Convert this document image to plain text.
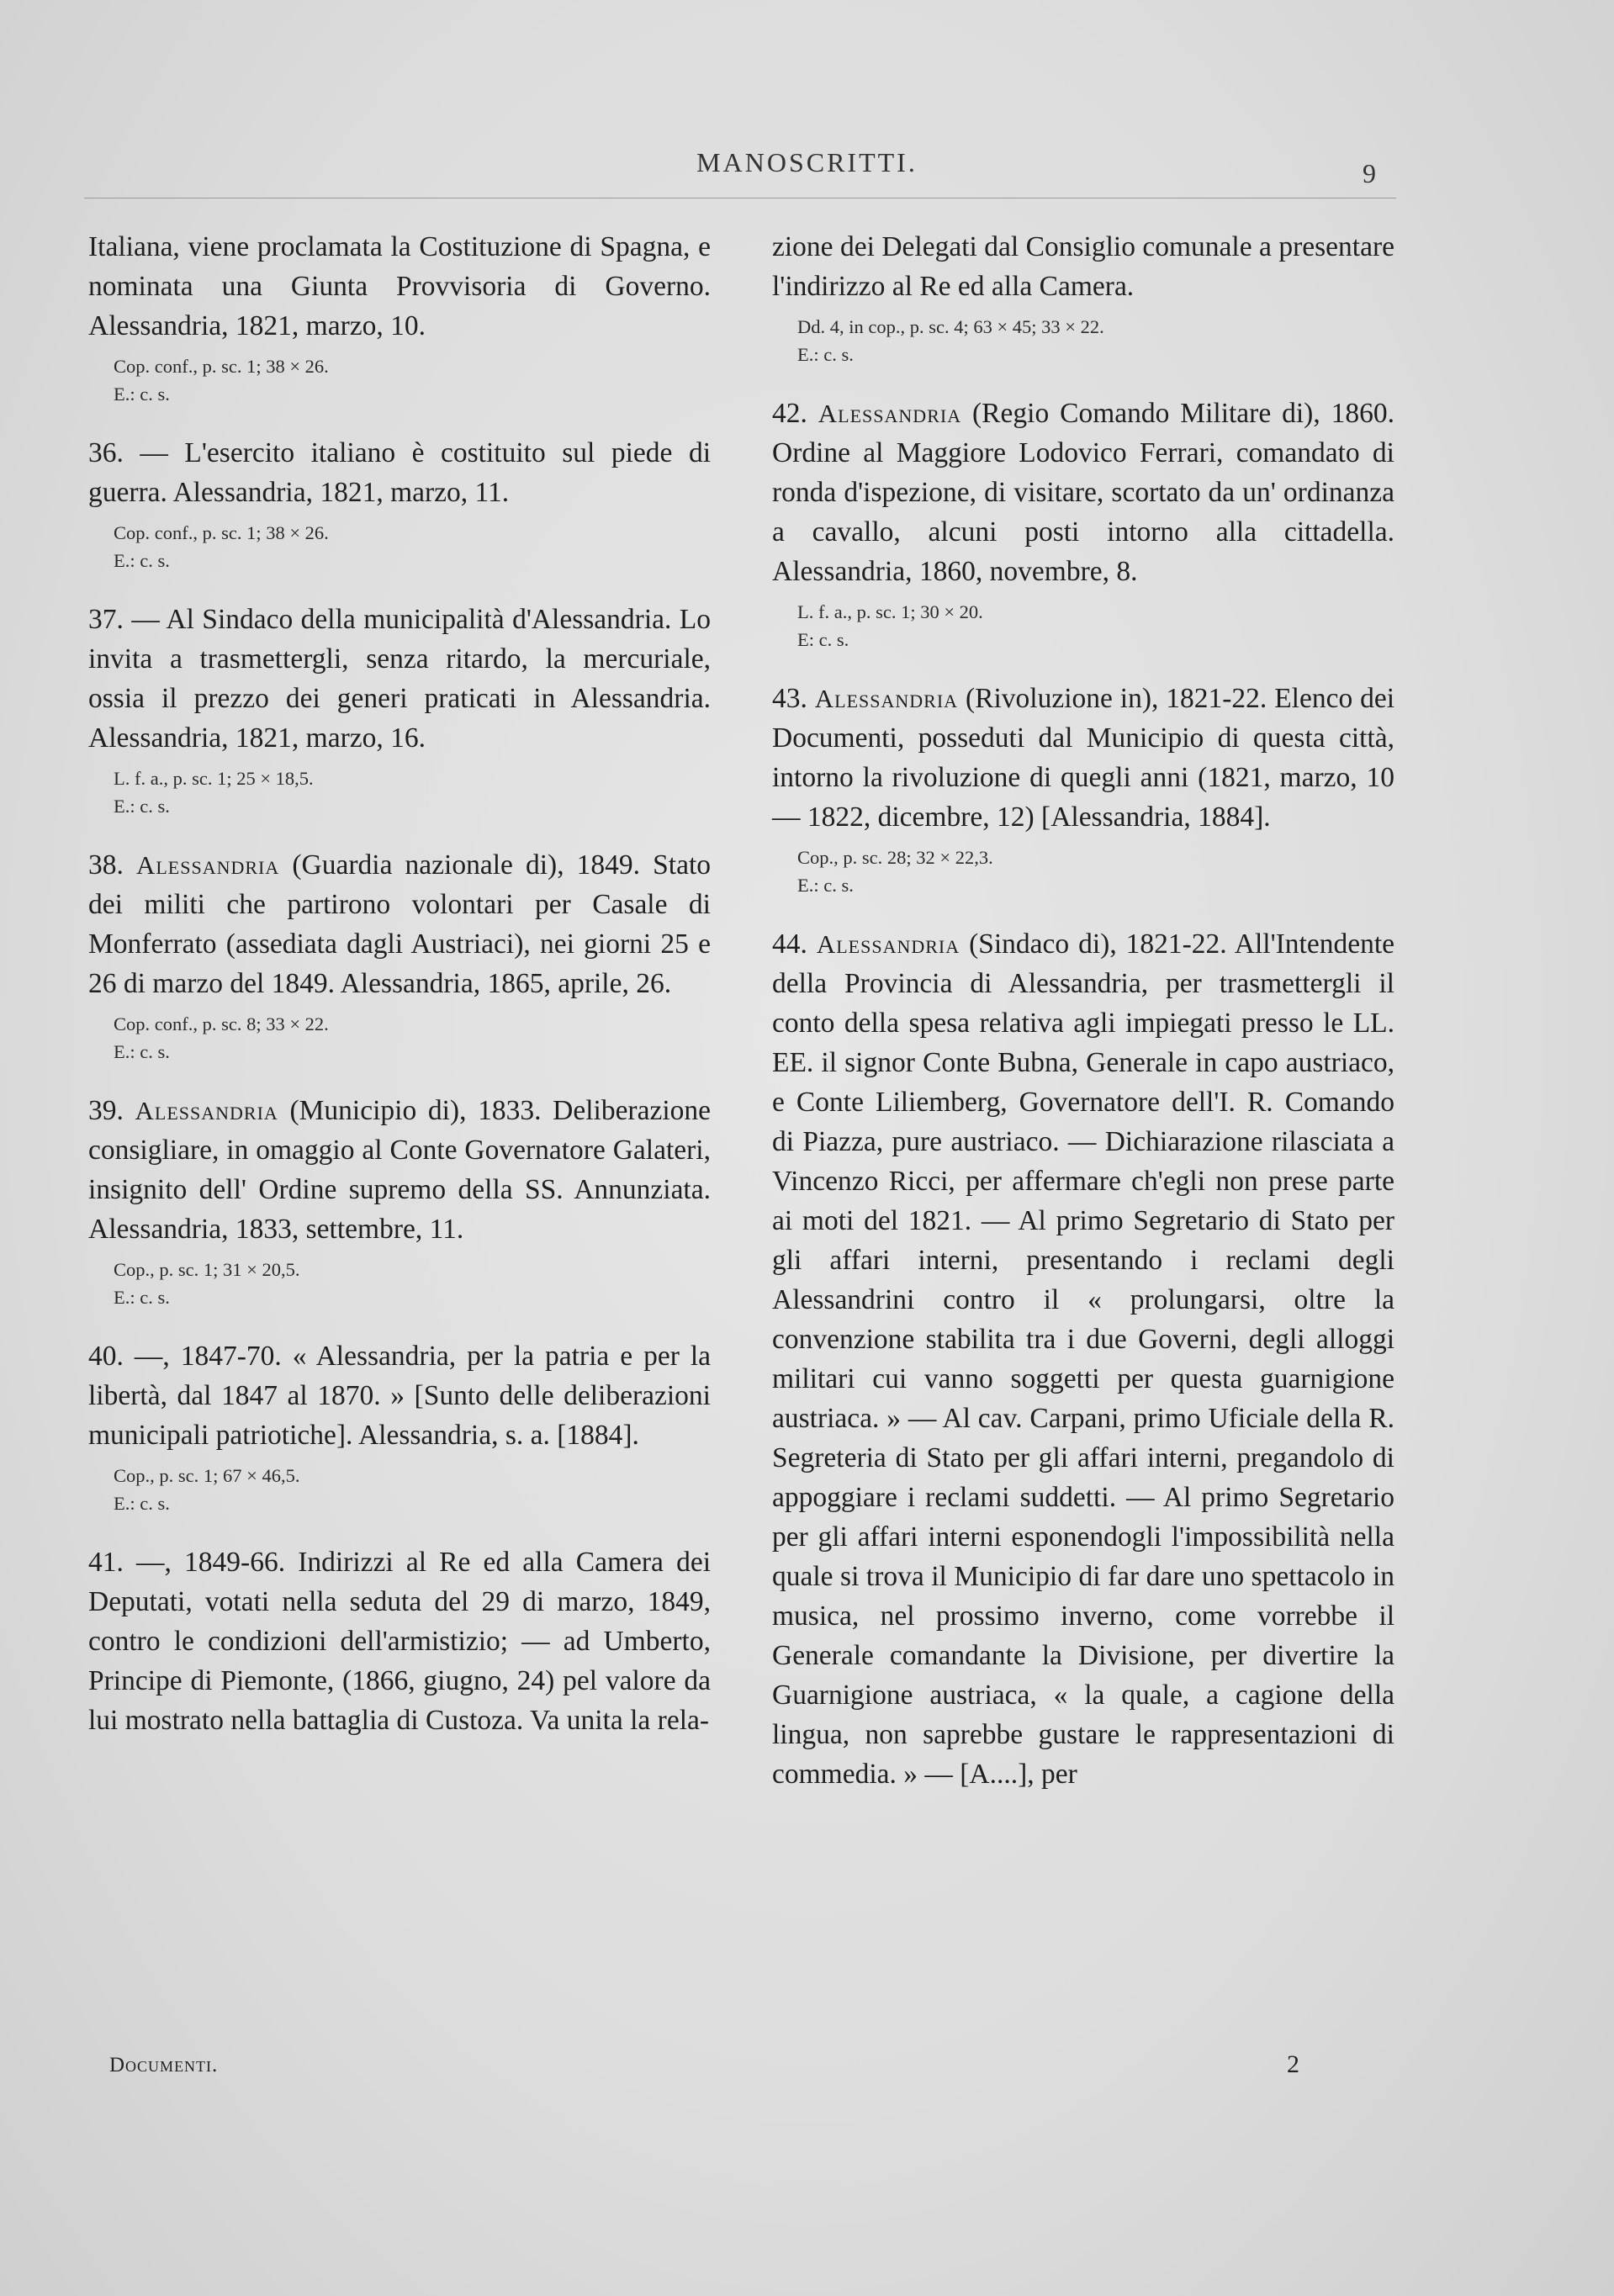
MANOSCRITTI.	9
Italiana, viene proclamata la Costituzione di Spagna, e nominata una Giunta Provvisoria di Governo. Alessandria, 1821, marzo, 10.
Cop. conf., p. sc. 1; 38 × 26.
E.: c. s.
36. — L'esercito italiano è costituito sul piede di guerra. Alessandria, 1821, marzo, 11.
Cop. conf., p. sc. 1; 38 × 26.
E.: c. s.
37. — Al Sindaco della municipalità d'Alessandria. Lo invita a trasmettergli, senza ritardo, la mercuriale, ossia il prezzo dei generi praticati in Alessandria. Alessandria, 1821, marzo, 16.
L. f. a., p. sc. 1; 25 × 18,5.
E.: c. s.
38. Alessandria (Guardia nazionale di), 1849. Stato dei militi che partirono volontari per Casale di Monferrato (assediata dagli Austriaci), nei giorni 25 e 26 di marzo del 1849. Alessandria, 1865, aprile, 26.
Cop. conf., p. sc. 8; 33 × 22.
E.: c. s.
39. Alessandria (Municipio di), 1833. Deliberazione consigliare, in omaggio al Conte Governatore Galateri, insignito dell' Ordine supremo della SS. Annunziata. Alessandria, 1833, settembre, 11.
Cop., p. sc. 1; 31 × 20,5.
E.: c. s.
40. —, 1847-70. « Alessandria, per la patria e per la libertà, dal 1847 al 1870. » [Sunto delle deliberazioni municipali patriotiche]. Alessandria, s. a. [1884].
Cop., p. sc. 1; 67 × 46,5.
E.: c. s.
41. —, 1849-66. Indirizzi al Re ed alla Camera dei Deputati, votati nella seduta del 29 di marzo, 1849, contro le condizioni dell'armistizio; — ad Umberto, Principe di Piemonte, (1866, giugno, 24) pel valore da lui mostrato nella battaglia di Custoza. Va unita la rela-
zione dei Delegati dal Consiglio comunale a presentare l'indirizzo al Re ed alla Camera.
Dd. 4, in cop., p. sc. 4; 63 × 45; 33 × 22.
E.: c. s.
42. Alessandria (Regio Comando Militare di), 1860. Ordine al Maggiore Lodovico Ferrari, comandato di ronda d'ispezione, di visitare, scortato da un' ordinanza a cavallo, alcuni posti intorno alla cittadella. Alessandria, 1860, novembre, 8.
L. f. a., p. sc. 1; 30 × 20.
E: c. s.
43. Alessandria (Rivoluzione in), 1821-22. Elenco dei Documenti, posseduti dal Municipio di questa città, intorno la rivoluzione di quegli anni (1821, marzo, 10 — 1822, dicembre, 12) [Alessandria, 1884].
Cop., p. sc. 28; 32 × 22,3.
E.: c. s.
44. Alessandria (Sindaco di), 1821-22. All'Intendente della Provincia di Alessandria, per trasmettergli il conto della spesa relativa agli impiegati presso le LL. EE. il signor Conte Bubna, Generale in capo austriaco, e Conte Liliemberg, Governatore dell'I. R. Comando di Piazza, pure austriaco. — Dichiarazione rilasciata a Vincenzo Ricci, per affermare ch'egli non prese parte ai moti del 1821. — Al primo Segretario di Stato per gli affari interni, presentando i reclami degli Alessandrini contro il « prolungarsi, oltre la convenzione stabilita tra i due Governi, degli alloggi militari cui vanno soggetti per questa guarnigione austriaca. » — Al cav. Carpani, primo Uficiale della R. Segreteria di Stato per gli affari interni, pregandolo di appoggiare i reclami suddetti. — Al primo Segretario per gli affari interni esponendogli l'impossibilità nella quale si trova il Municipio di far dare uno spettacolo in musica, nel prossimo inverno, come vorrebbe il Generale comandante la Divisione, per divertire la Guarnigione austriaca, « la quale, a cagione della lingua, non saprebbe gustare le rappresentazioni di commedia. » — [A....], per
Documenti.	2
